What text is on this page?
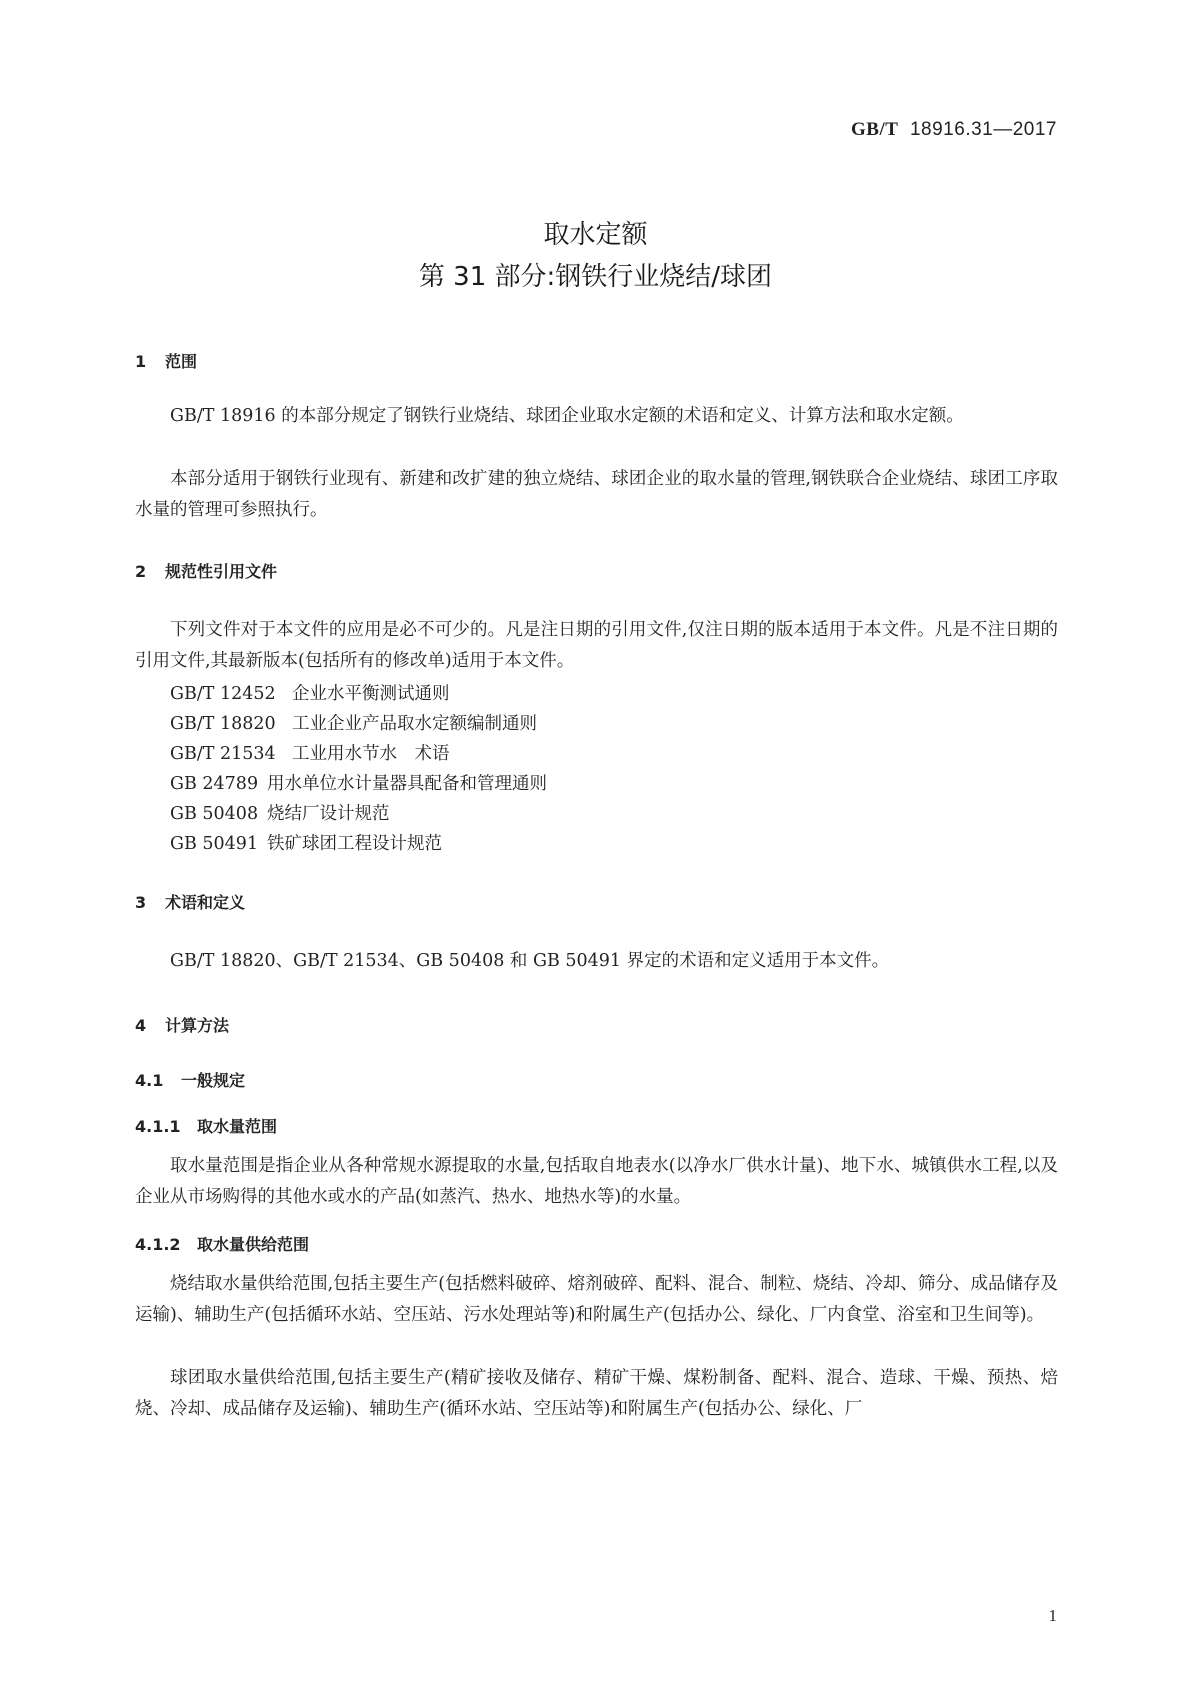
GB/T 18916.31—2017
取水定额
第 31 部分:钢铁行业烧结/球团
1 范围
GB/T 18916 的本部分规定了钢铁行业烧结、球团企业取水定额的术语和定义、计算方法和取水定额。
本部分适用于钢铁行业现有、新建和改扩建的独立烧结、球团企业的取水量的管理,钢铁联合企业烧结、球团工序取水量的管理可参照执行。
2 规范性引用文件
下列文件对于本文件的应用是必不可少的。凡是注日期的引用文件,仅注日期的版本适用于本文件。凡是不注日期的引用文件,其最新版本(包括所有的修改单)适用于本文件。
GB/T 12452 企业水平衡测试通则
GB/T 18820 工业企业产品取水定额编制通则
GB/T 21534 工业用水节水　术语
GB 24789 用水单位水计量器具配备和管理通则
GB 50408 烧结厂设计规范
GB 50491 铁矿球团工程设计规范
3 术语和定义
GB/T 18820、GB/T 21534、GB 50408 和 GB 50491 界定的术语和定义适用于本文件。
4 计算方法
4.1 一般规定
4.1.1 取水量范围
取水量范围是指企业从各种常规水源提取的水量,包括取自地表水(以净水厂供水计量)、地下水、城镇供水工程,以及企业从市场购得的其他水或水的产品(如蒸汽、热水、地热水等)的水量。
4.1.2 取水量供给范围
烧结取水量供给范围,包括主要生产(包括燃料破碎、熔剂破碎、配料、混合、制粒、烧结、冷却、筛分、成品储存及运输)、辅助生产(包括循环水站、空压站、污水处理站等)和附属生产(包括办公、绿化、厂内食堂、浴室和卫生间等)。
球团取水量供给范围,包括主要生产(精矿接收及储存、精矿干燥、煤粉制备、配料、混合、造球、干燥、预热、焙烧、冷却、成品储存及运输)、辅助生产(循环水站、空压站等)和附属生产(包括办公、绿化、厂
1
